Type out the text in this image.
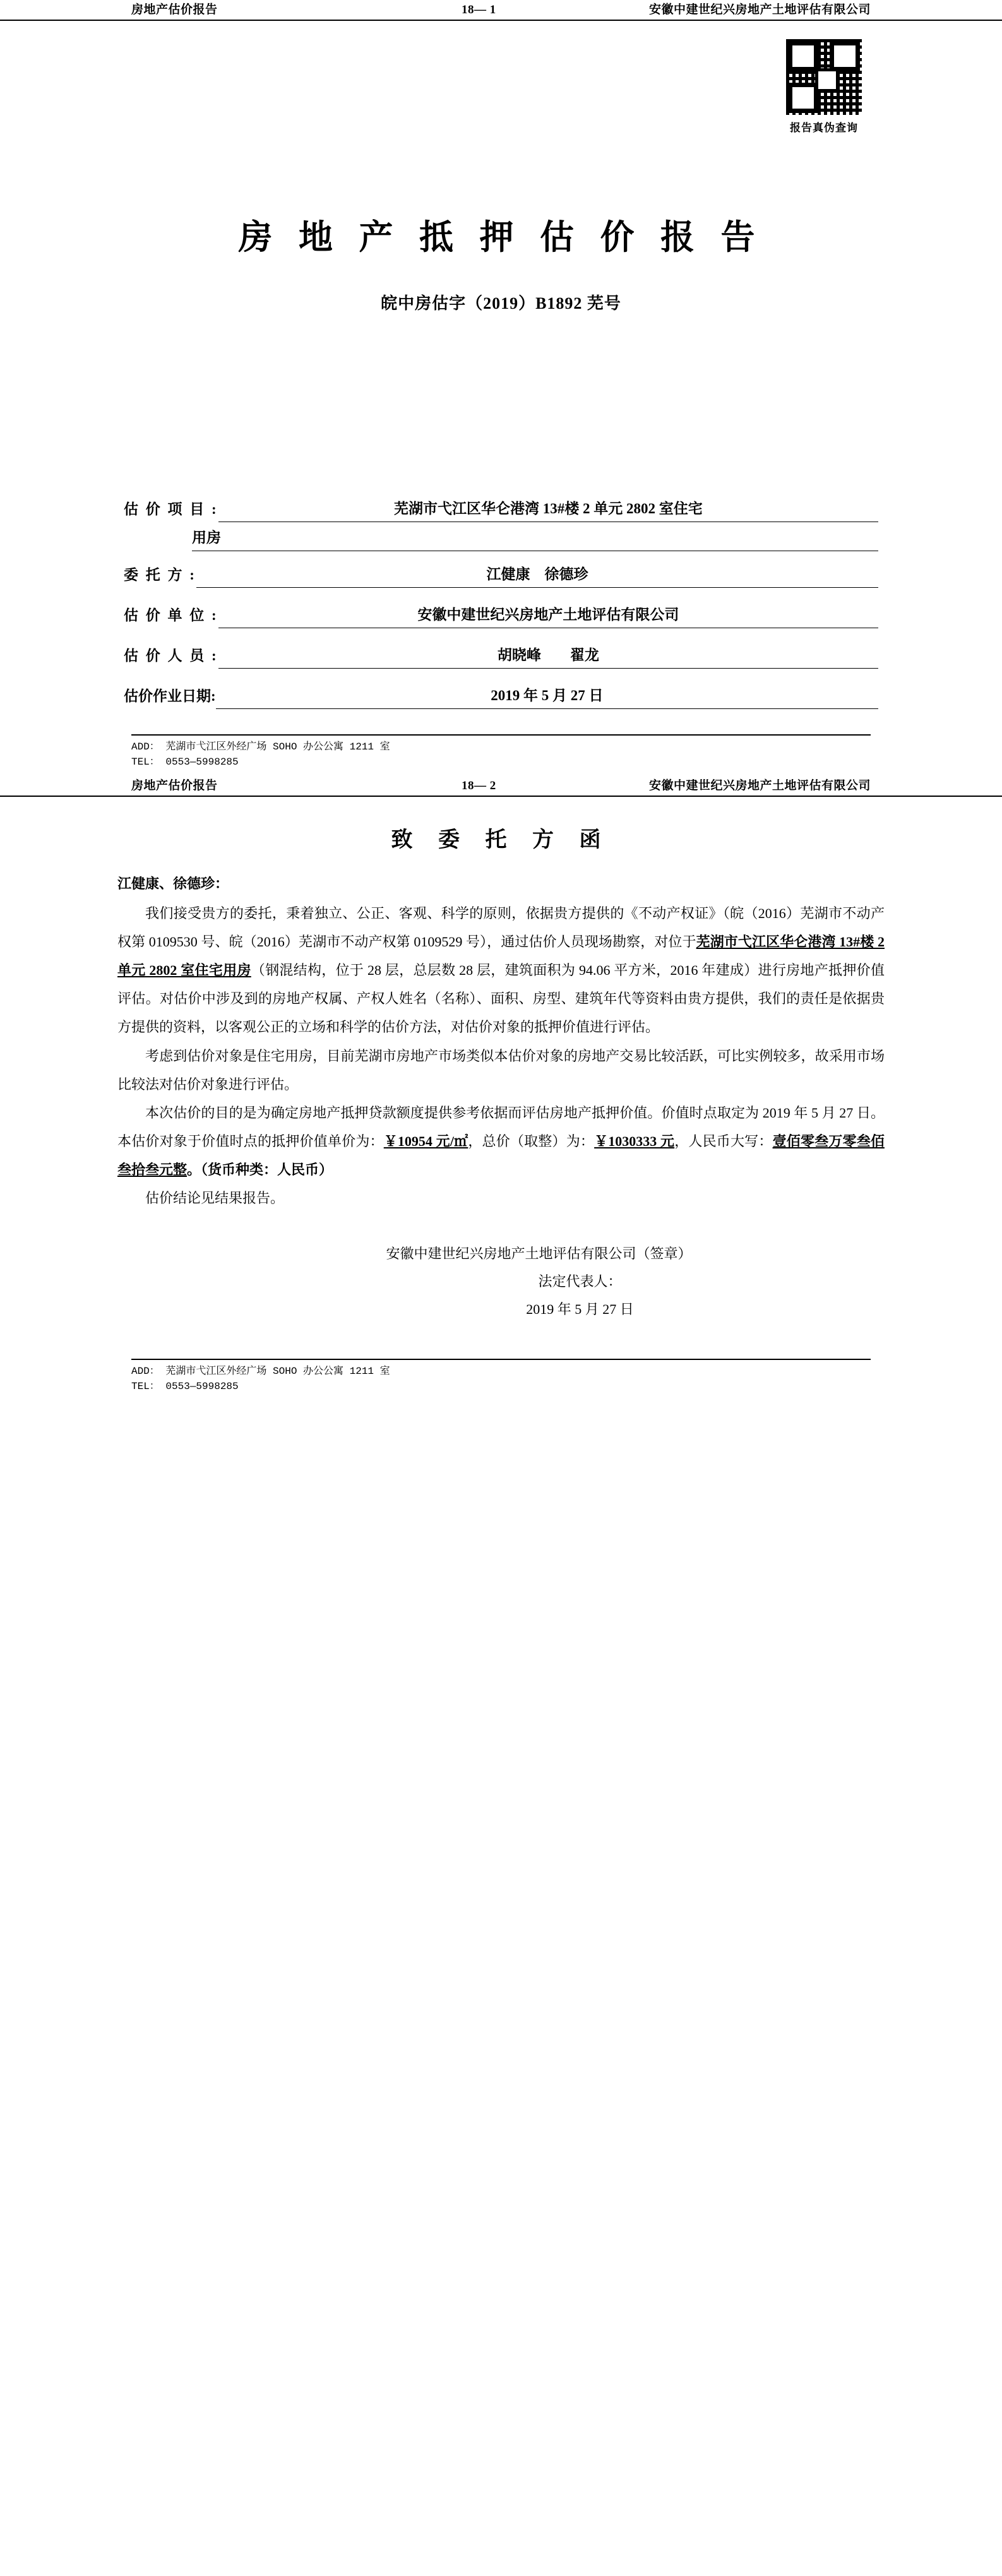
房地产估价报告	18— 1	安徽中建世纪兴房地产土地评估有限公司
报告真伪查询
房 地 产 抵 押 估 价 报 告
皖中房估字（2019）B1892 芜号
估 价 项 目 :	芜湖市弋江区华仑港湾 13#楼 2 单元 2802 室住宅
用房
委 托 方 :	江健康　徐德珍
估 价 单 位 :	安徽中建世纪兴房地产土地评估有限公司
估 价 人 员 :	胡晓峰　　翟龙
估价作业日期:	2019 年 5 月 27 日
ADD： 芜湖市弋江区外经广场 SOHO 办公公寓 1211 室
TEL： 0553—5998285
房地产估价报告	18— 2	安徽中建世纪兴房地产土地评估有限公司
致 委 托 方 函
江健康、徐德珍：

我们接受贵方的委托，秉着独立、公正、客观、科学的原则，依据贵方提供的《不动产权证》（皖（2016）芜湖市不动产权第 0109530 号、皖（2016）芜湖市不动产权第 0109529 号），通过估价人员现场勘察，对位于芜湖市弋江区华仑港湾 13#楼 2 单元 2802 室住宅用房（钢混结构，位于 28 层，总层数 28 层，建筑面积为 94.06 平方米，2016 年建成）进行房地产抵押价值评估。对估价中涉及到的房地产权属、产权人姓名（名称）、面积、房型、建筑年代等资料由贵方提供，我们的责任是依据贵方提供的资料，以客观公正的立场和科学的估价方法，对估价对象的抵押价值进行评估。

考虑到估价对象是住宅用房，目前芜湖市房地产市场类似本估价对象的房地产交易比较活跃，可比实例较多，故采用市场比较法对估价对象进行评估。

本次估价的目的是为确定房地产抵押贷款额度提供参考依据而评估房地产抵押价值。价值时点取定为 2019 年 5 月 27 日。本估价对象于价值时点的抵押价值单价为：￥10954 元/㎡，总价（取整）为：￥1030333 元，人民币大写：壹佰零叁万零叁佰叁拾叁元整。（货币种类：人民币）

估价结论见结果报告。

安徽中建世纪兴房地产土地评估有限公司（签章）
法定代表人：
2019 年 5 月 27 日
ADD： 芜湖市弋江区外经广场 SOHO 办公公寓 1211 室
TEL： 0553—5998285
